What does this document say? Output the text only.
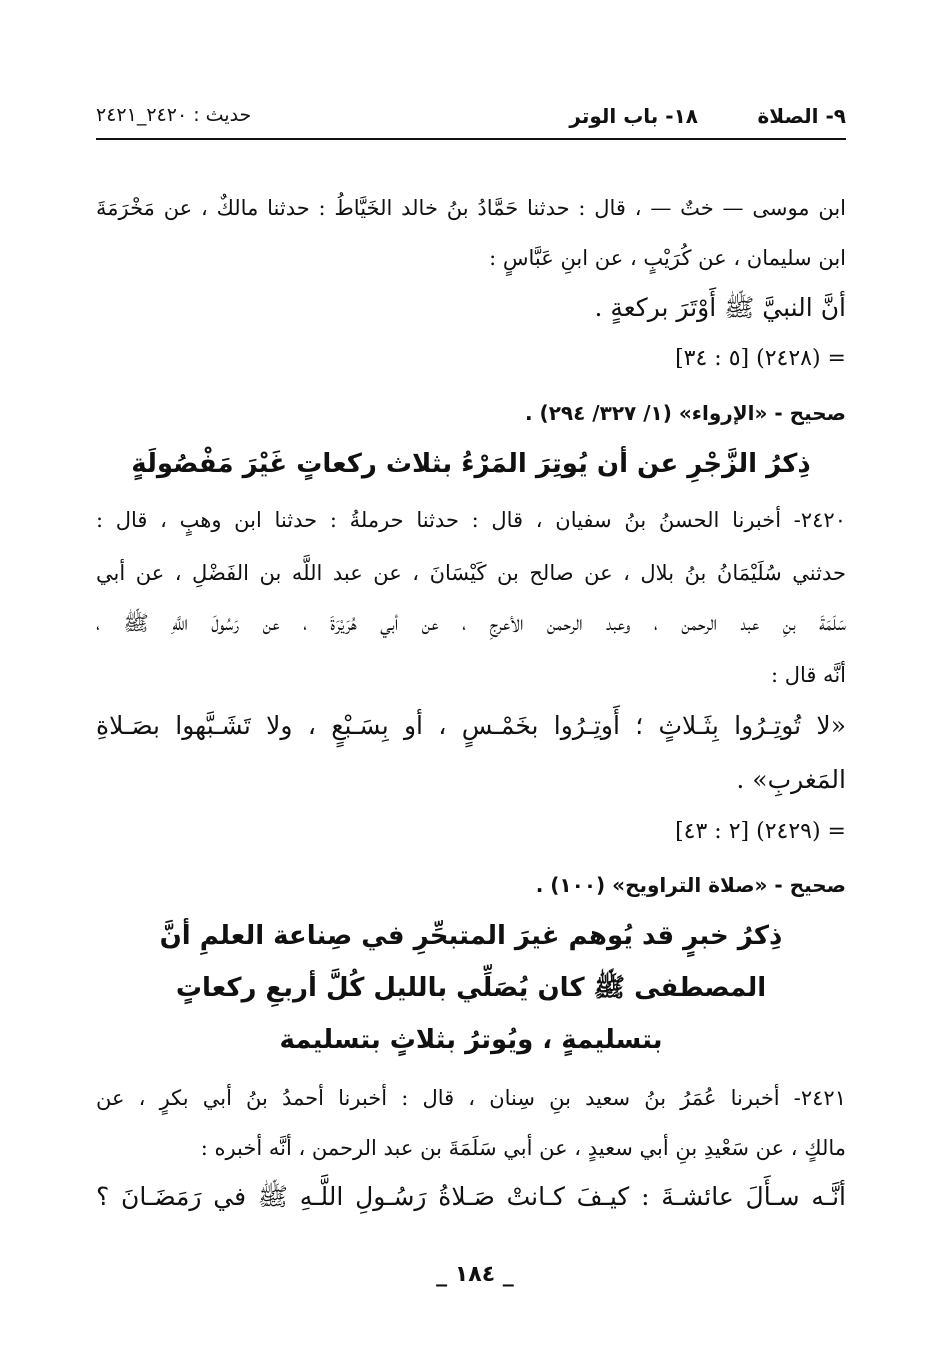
٩- الصلاة
١٨- باب الوتر
حديث : ٢٤٢٠_٢٤٢١
ابن موسى — ختٌ — ، قال : حدثنا حَمَّادُ بنُ خالد الخَيَّاطُ : حدثنا مالكٌ ، عن مَخْرَمَةَ
ابن سليمان ، عن كُرَيْبٍ ، عن ابنِ عَبَّاسٍ :
أنَّ النبيَّ ﷺ أَوْتَرَ بركعةٍ .
= (٢٤٢٨) [٥ : ٣٤]
صحيح - «الإرواء» (١/ ٣٢٧/ ٢٩٤) .
ذِكرُ الزَّجْرِ عن أن يُوتِرَ المَرْءُ بثلاث ركعاتٍ غَيْرَ مَفْصُولَةٍ
٢٤٢٠- أخبرنا الحسنُ بنُ سفيان ، قال : حدثنا حرملةُ : حدثنا ابن وهبٍ ، قال :
حدثني سُلَيْمَانُ بنُ بلال ، عن صالح بن كَيْسَانَ ، عن عبد اللَّه بن الفَضْلِ ، عن أبي
سَلَمَةَ بنِ عبد الرحمن ، وعبد الرحمن الأعرجِ ، عن أبي هُرَيْرَةَ ، عن رَسُولَ اللَّهِ ﷺ ،
أنَّه قال :
«لا تُوتِـرُوا بِثَـلاثٍ ؛ أَوتِـرُوا بخَمْـسٍ ، أو بِسَـبْعٍ ، ولا تَشَـبَّهوا بصَـلاةِ
المَغربِ» .
= (٢٤٢٩) [٢ : ٤٣]
صحيح - «صلاة التراويح» (١٠٠) .
ذِكرُ خبرٍ قد يُوهم غيرَ المتبحِّرِ في صِناعة العلمِ أنَّ
المصطفى ﷺ كان يُصَلِّي بالليل كُلَّ أربعِ ركعاتٍ
بتسليمةٍ ، ويُوترُ بثلاثٍ بتسليمة
٢٤٢١- أخبرنا عُمَرُ بنُ سعيد بنِ سِنان ، قال : أخبرنا أحمدُ بنُ أبي بكرٍ ، عن
مالكٍ ، عن سَعْيدِ بنِ أبي سعيدٍ ، عن أبي سَلَمَةَ بن عبد الرحمن ، أنَّه أخبره :
أنَّـه سـأَلَ عائشـةَ : كيـفَ كـانتْ صَـلاةُ رَسُـولِ اللَّـهِ ﷺ في رَمَضَـانَ ؟
_ ١٨٤ _
